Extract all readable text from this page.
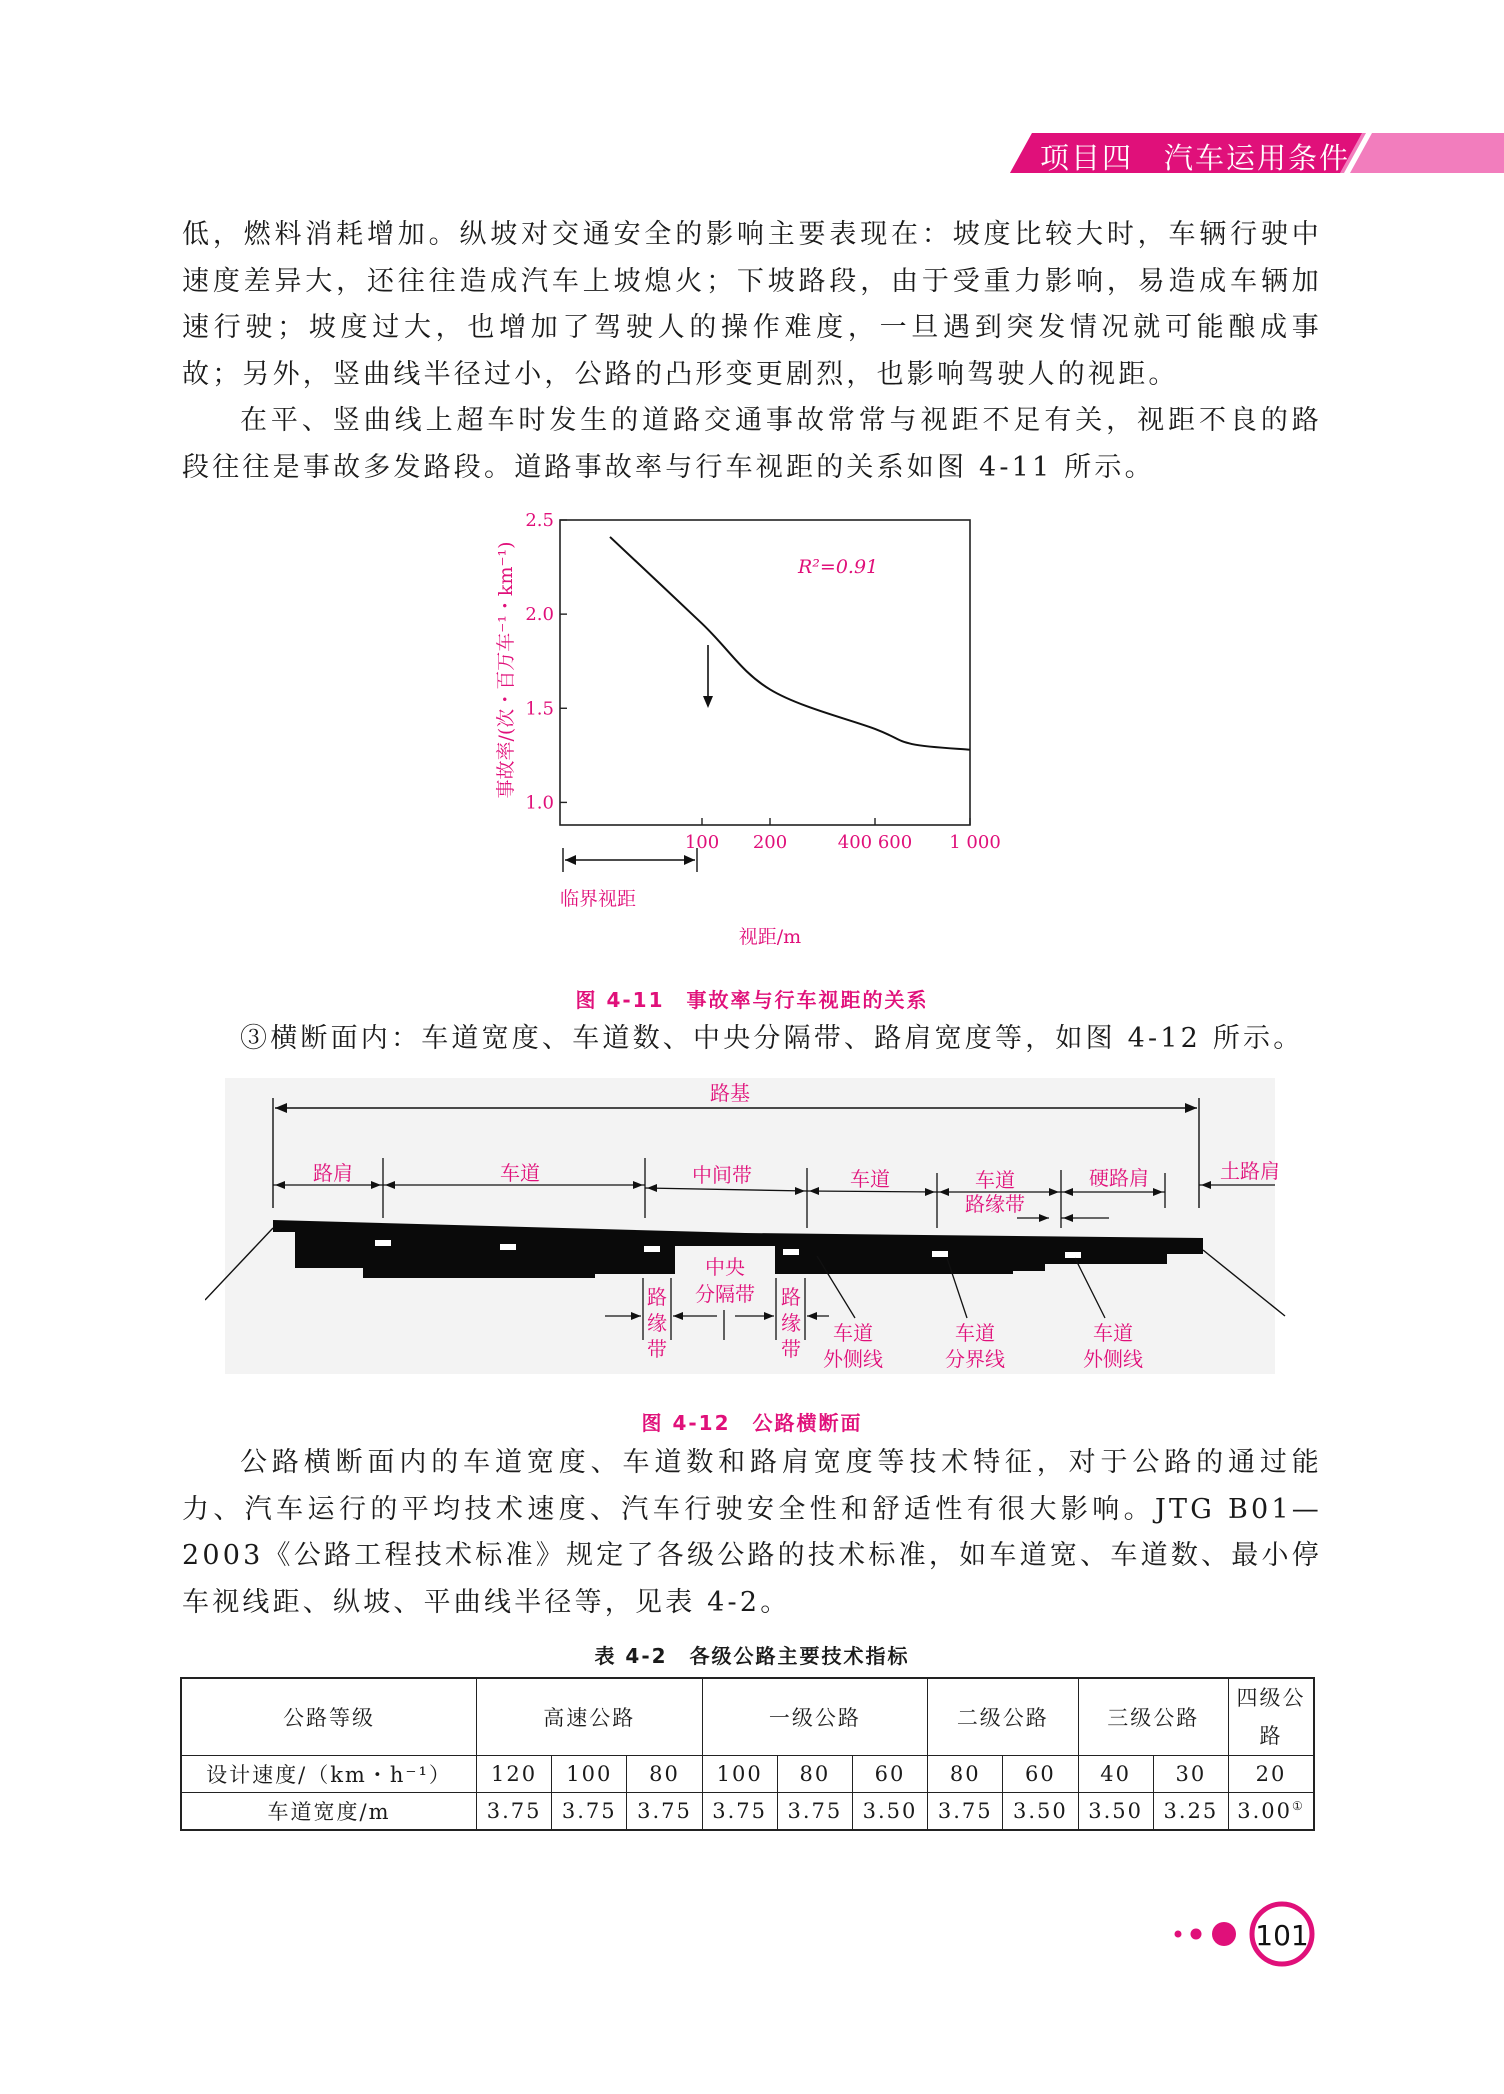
项目四　汽车运用条件
低，燃料消耗增加。纵坡对交通安全的影响主要表现在：坡度比较大时，车辆行驶中速度差异大，还往往造成汽车上坡熄火；下坡路段，由于受重力影响，易造成车辆加速行驶；坡度过大，也增加了驾驶人的操作难度，一旦遇到突发情况就可能酿成事故；另外，竖曲线半径过小，公路的凸形变更剧烈，也影响驾驶人的视距。
在平、竖曲线上超车时发生的道路交通事故常常与视距不足有关，视距不良的路段往往是事故多发路段。道路事故率与行车视距的关系如图 4-11 所示。
2.5
2.0
1.5
1.0
100 200	400 600 1 000
R²=0.91
事故率/(次・百万车⁻¹・km⁻¹)
临界视距
视距/m
图 4-11　事故率与行车视距的关系
③横断面内：车道宽度、车道数、中央分隔带、路肩宽度等，如图 4-12 所示。
路基
路肩	车道	中间带	车道	车道
路缘带
硬路肩	土路肩
中央
分隔带
路
缘
带
路
缘
带
车道
外侧线
车道
分界线
车道
外侧线
图 4-12　公路横断面
公路横断面内的车道宽度、车道数和路肩宽度等技术特征，对于公路的通过能力、汽车运行的平均技术速度、汽车行驶安全性和舒适性有很大影响。JTG B01—2003《公路工程技术标准》规定了各级公路的技术标准，如车道宽、车道数、最小停车视线距、纵坡、平曲线半径等，见表 4-2。
表 4-2　各级公路主要技术指标
公路等级	高速公路			一级公路			二级公路		三级公路		四级公路
设计速度/（km・h⁻¹）	120	100	80	100	80	60	80	60	40	30	20
车道宽度/m	3.75	3.75	3.75	3.75	3.75	3.50	3.75	3.50	3.50	3.25	3.00①
101
